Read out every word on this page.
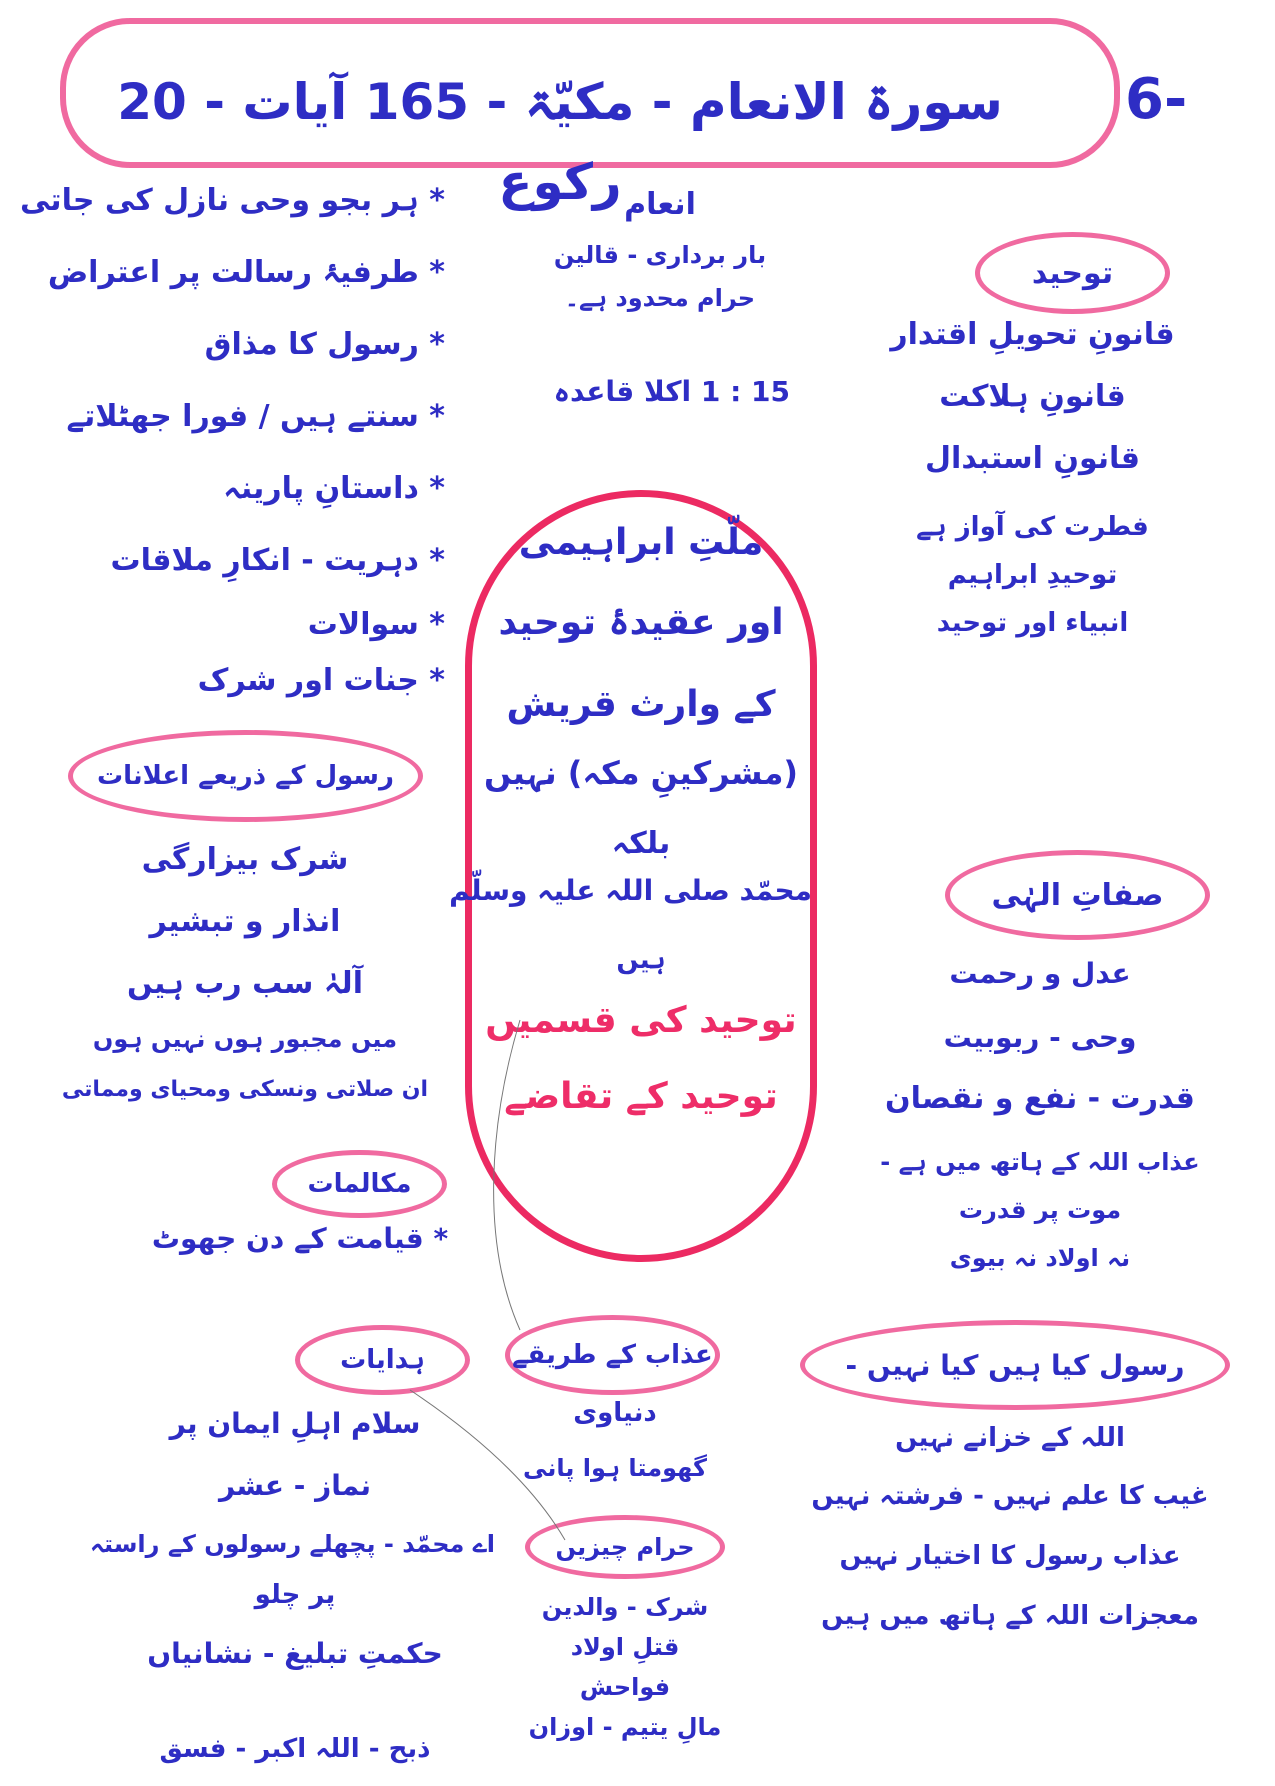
سورۃ الانعام - مکیّۃ - 165 آیات - 20 رکوع
6-
انعام
بار برداری - قالین
حرام محدود ہے۔
15 : 1 اکلا قاعدہ
* ہر بجو وحی نازل کی جاتی
* طرفیۂ رسالت پر اعتراض
* رسول کا مذاق
* سنتے ہیں / فورا جھٹلاتے
* داستانِ پارینہ
* دہریت - انکارِ ملاقات
* سوالات
* جنات اور شرک
توحید
قانونِ تحویلِ اقتدار
قانونِ ہلاکت
قانونِ استبدال
فطرت کی آواز ہے
توحیدِ ابراہیم
انبیاء اور توحید
ملّتِ ابراہیمی
اور عقیدۂ توحید
کے وارث قریش
(مشرکینِ مکہ) نہیں
بلکہ
محمّد صلی اللہ علیہ وسلّم
ہیں
توحید کی قسمیں
توحید کے تقاضے
رسول کے ذریعے اعلانات
شرک بیزارگی
انذار و تبشیر
آلہٰ سب رب ہیں
میں مجبور ہوں نہیں ہوں
ان صلاتی ونسکی ومحیای ومماتی
صفاتِ الہٰی
عدل و رحمت
وحی - ربوبیت
قدرت - نفع و نقصان
عذاب اللہ کے ہاتھ میں ہے -
موت پر قدرت
نہ اولاد نہ بیوی
مکالمات
* قیامت کے دن جھوٹ
ہدایات
سلام اہلِ ایمان پر
نماز - عشر
اے محمّد - پچھلے رسولوں کے راستہ
پر چلو
حکمتِ تبلیغ - نشانیاں
ذبح - اللہ اکبر - فسق
عذاب کے طریقے
دنیاوی
گھومتا ہوا پانی
حرام چیزیں
شرک - والدین
قتلِ اولاد
فواحش
مالِ یتیم - اوزان
رسول کیا ہیں کیا نہیں -
اللہ کے خزانے نہیں
غیب کا علم نہیں - فرشتہ نہیں
عذاب رسول کا اختیار نہیں
معجزات اللہ کے ہاتھ میں ہیں
